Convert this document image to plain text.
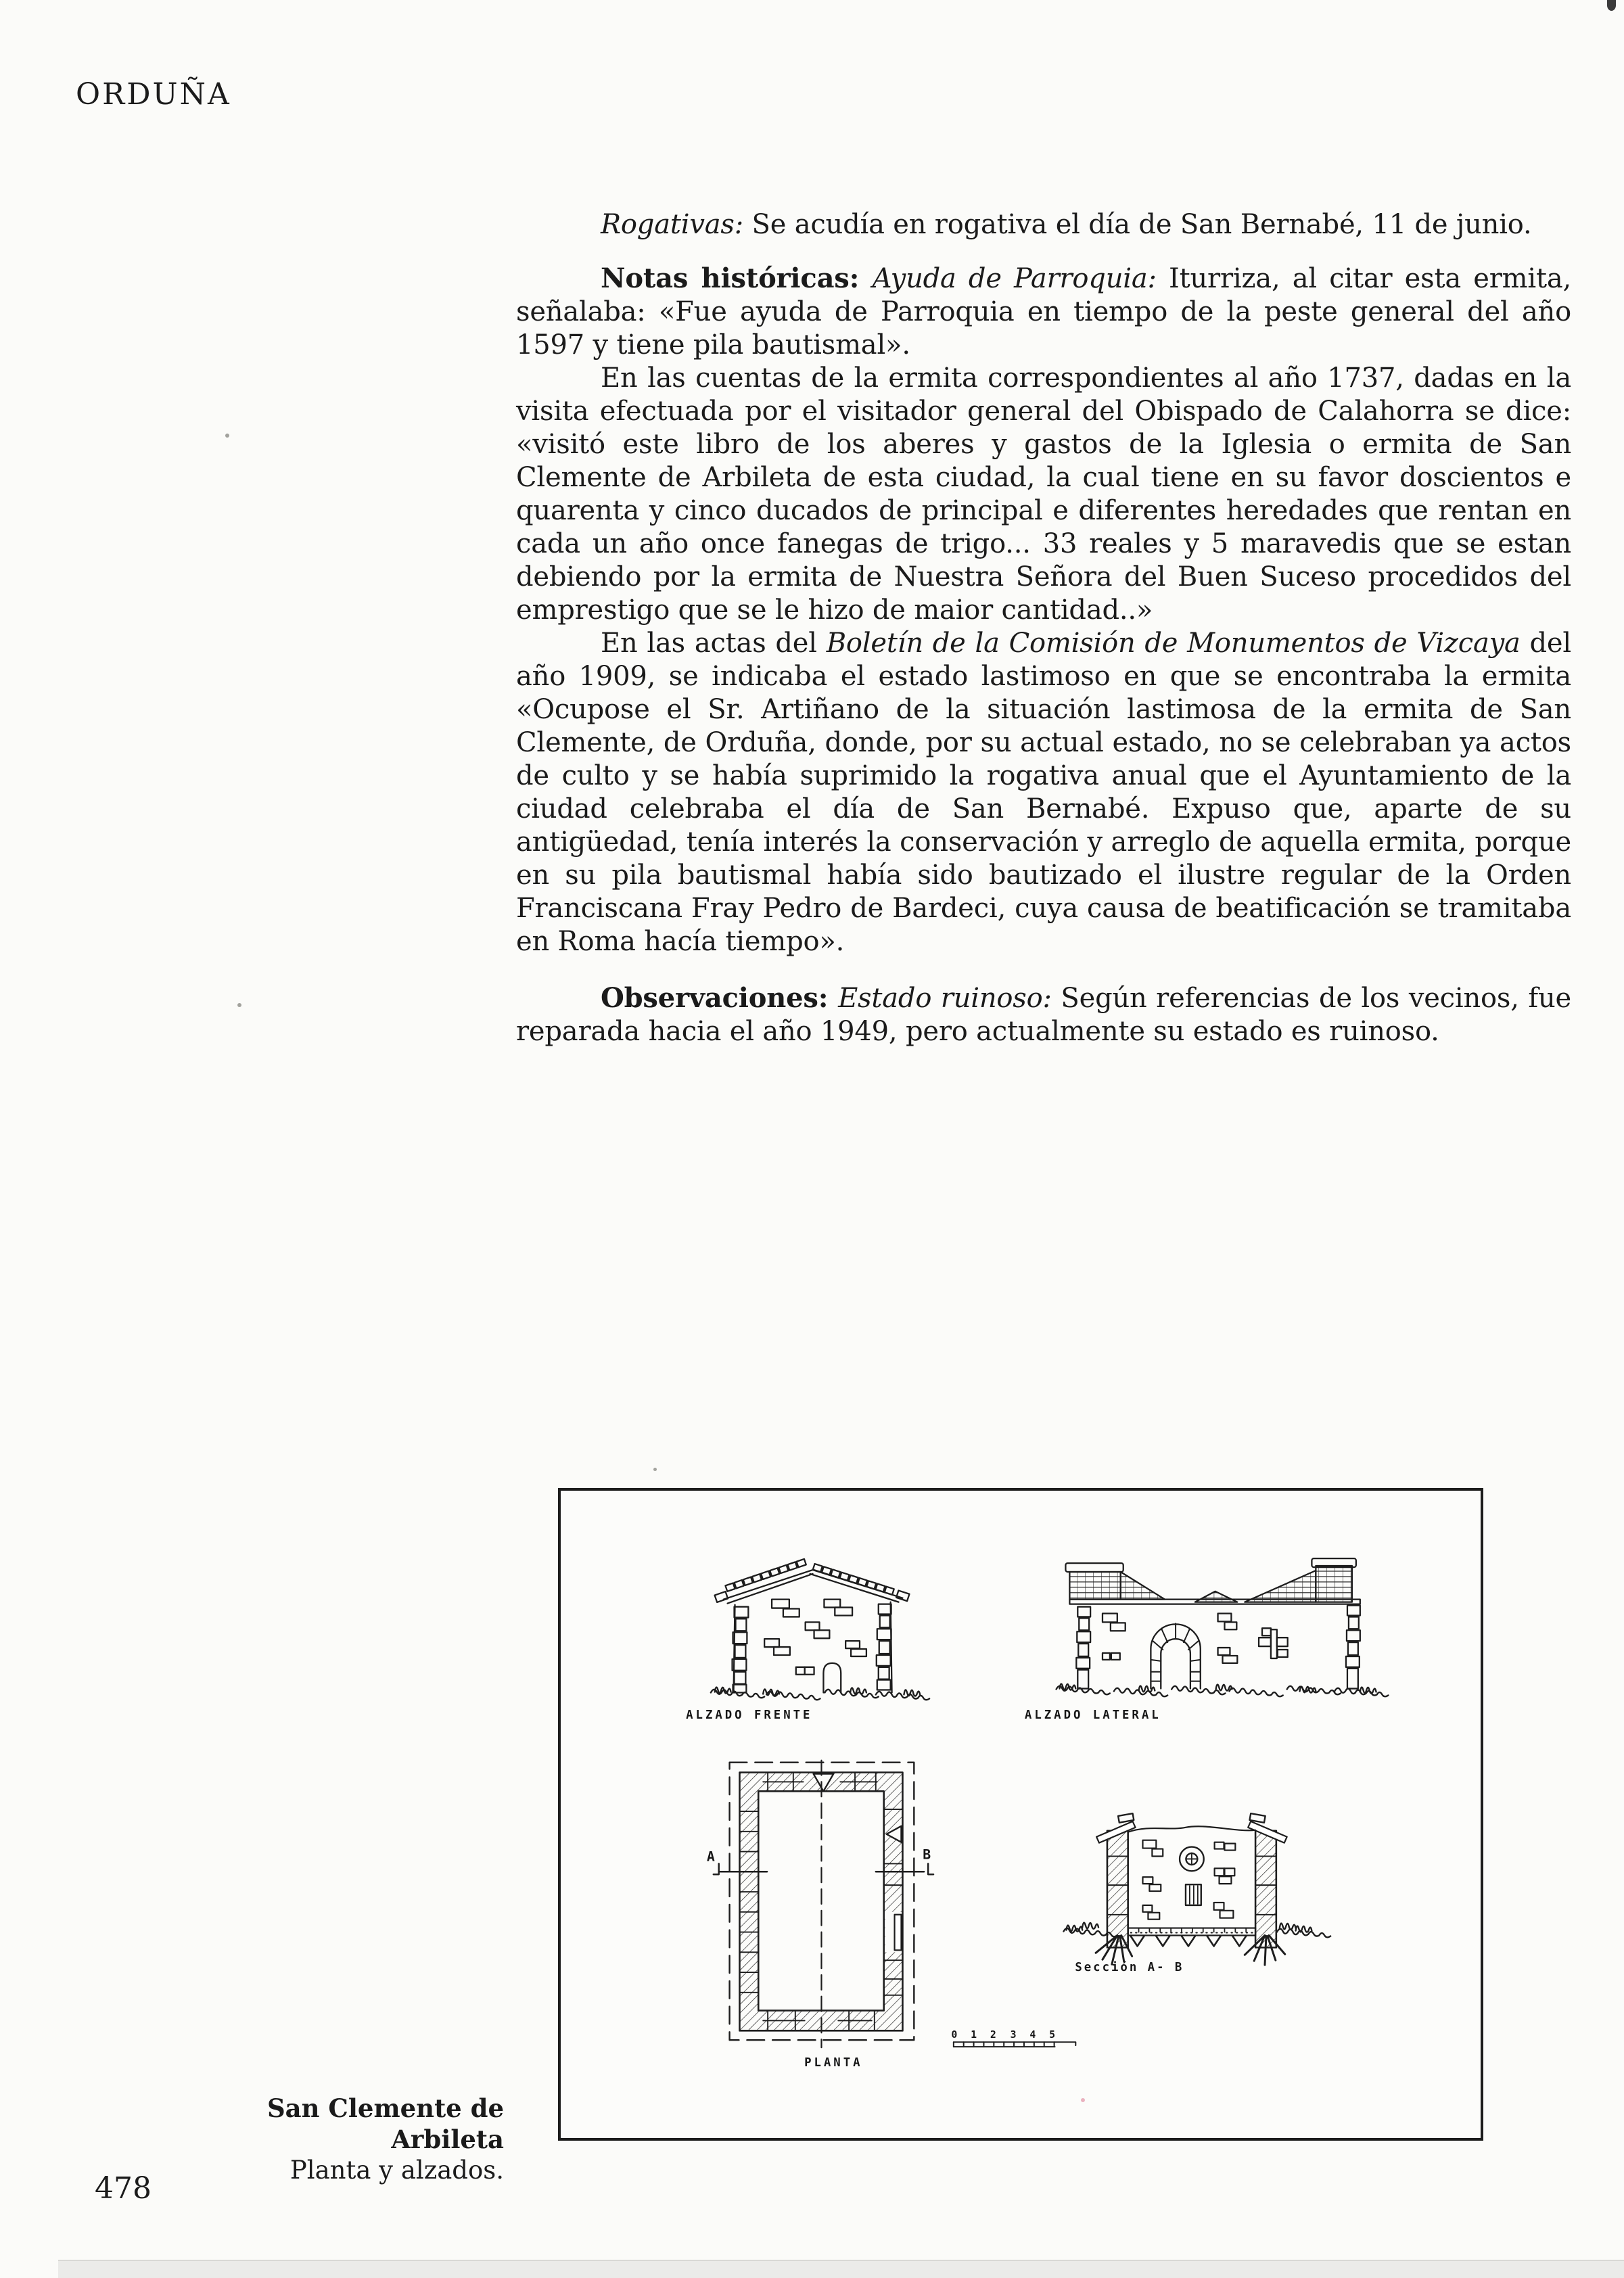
ORDUÑA

Rogativas: Se acudía en rogativa el día de San Bernabé, 11 de junio.

Notas históricas: Ayuda de Parroquia: Iturriza, al citar esta ermita, señalaba: «Fue ayuda de Parroquia en tiempo de la peste general del año 1597 y tiene pila bautismal».

En las cuentas de la ermita correspondientes al año 1737, dadas en la visita efectuada por el visitador general del Obispado de Calahorra se dice: «visitó este libro de los aberes y gastos de la Iglesia o ermita de San Clemente de Arbileta de esta ciudad, la cual tiene en su favor doscientos e quarenta y cinco ducados de principal e diferentes heredades que rentan en cada un año once fanegas de trigo... 33 reales y 5 maravedis que se estan debiendo por la ermita de Nuestra Señora del Buen Suceso procedidos del emprestigo que se le hizo de maior cantidad..»

En las actas del Boletín de la Comisión de Monumentos de Vizcaya del año 1909, se indicaba el estado lastimoso en que se encontraba la ermita «Ocupose el Sr. Artiñano de la situación lastimosa de la ermita de San Clemente, de Orduña, donde, por su actual estado, no se celebraban ya actos de culto y se había suprimido la rogativa anual que el Ayuntamiento de la ciudad celebraba el día de San Bernabé. Expuso que, aparte de su antigüedad, tenía interés la conservación y arreglo de aquella ermita, porque en su pila bautismal había sido bautizado el ilustre regular de la Orden Franciscana Fray Pedro de Bardeci, cuya causa de beatificación se tramitaba en Roma hacía tiempo».

Observaciones: Estado ruinoso: Según referencias de los vecinos, fue reparada hacia el año 1949, pero actualmente su estado es ruinoso.

ALZADO FRENTE	ALZADO LATERAL
A	B
PLANTA
Sección A- B
0 1 2 3 4 5
San Clemente de Arbileta
Planta y alzados.
478
